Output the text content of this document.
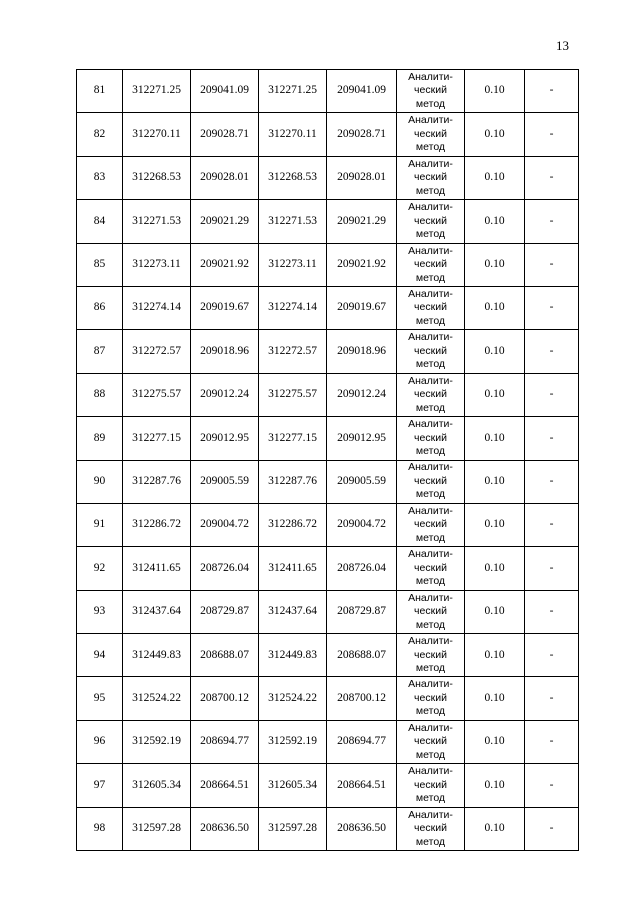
13
81	312271.25	209041.09	312271.25	209041.09	Аналити-
ческий
метод	0.10	-
82	312270.11	209028.71	312270.11	209028.71	Аналити-
ческий
метод	0.10	-
83	312268.53	209028.01	312268.53	209028.01	Аналити-
ческий
метод	0.10	-
84	312271.53	209021.29	312271.53	209021.29	Аналити-
ческий
метод	0.10	-
85	312273.11	209021.92	312273.11	209021.92	Аналити-
ческий
метод	0.10	-
86	312274.14	209019.67	312274.14	209019.67	Аналити-
ческий
метод	0.10	-
87	312272.57	209018.96	312272.57	209018.96	Аналити-
ческий
метод	0.10	-
88	312275.57	209012.24	312275.57	209012.24	Аналити-
ческий
метод	0.10	-
89	312277.15	209012.95	312277.15	209012.95	Аналити-
ческий
метод	0.10	-
90	312287.76	209005.59	312287.76	209005.59	Аналити-
ческий
метод	0.10	-
91	312286.72	209004.72	312286.72	209004.72	Аналити-
ческий
метод	0.10	-
92	312411.65	208726.04	312411.65	208726.04	Аналити-
ческий
метод	0.10	-
93	312437.64	208729.87	312437.64	208729.87	Аналити-
ческий
метод	0.10	-
94	312449.83	208688.07	312449.83	208688.07	Аналити-
ческий
метод	0.10	-
95	312524.22	208700.12	312524.22	208700.12	Аналити-
ческий
метод	0.10	-
96	312592.19	208694.77	312592.19	208694.77	Аналити-
ческий
метод	0.10	-
97	312605.34	208664.51	312605.34	208664.51	Аналити-
ческий
метод	0.10	-
98	312597.28	208636.50	312597.28	208636.50	Аналити-
ческий
метод	0.10	-
